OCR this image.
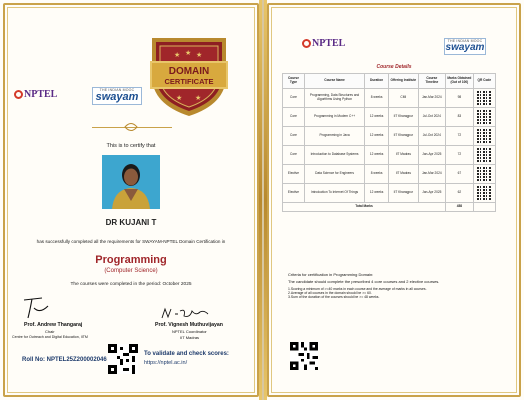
★ ★ ★
DOMAIN
CERTIFICATE
★ ★
NPTEL	THE INDIAN MOOC
swayam
This is to certify that
DR KUJANI T
has successfully completed all the requirements for SWAYAM-NPTEL Domain Certification in
Programming
(Computer Science)
The courses were completed in the period: October 2025
Prof. Andrew Thangaraj
Chair
Centre for Outreach and Digital Education, IITM
Prof. Vignesh Muthuvijayan
NPTEL Coordinator
IIT Madras
Roll No: NPTEL25Z200002046
To validate and check scores:
https://nptel.ac.in/
NPTEL	THE INDIAN MOOC
swayam
Course Details
Criteria for certification in Programming Domain:
The candidate should complete the prescribed 4 core courses and 2 elective courses.
1.Scoring a minimum of >=40 marks in each course and the average of marks in all courses.
2.Average of all courses in the domain should be >= 60.
3.Sum of the duration of the courses should be >= 48 weeks.
Course Type	Course Name	Duration	Offering Institute	Course Timeline	Marks Obtained (Out of 100)	QR Code
Core	Programming, Data Structures and Algorithms Using Python	8 weeks	CMI	Jan-Mar 2024	98	

Core	Programming in Modern C++	12 weeks	IIT Kharagpur	Jul-Oct 2024	83	

Core	Programming in Java	12 weeks	IIT Kharagpur	Jul-Oct 2024	72	

Core	Introduction to Database Systems	12 weeks	IIT Madras	Jan-Apr 2025	72	

Elective	Data Science for Engineers	8 weeks	IIT Madras	Jan-Mar 2024	67	

Elective	Introduction To Internet Of Things	12 weeks	IIT Kharagpur	Jan-Apr 2025	62	

Total Marks					458	
